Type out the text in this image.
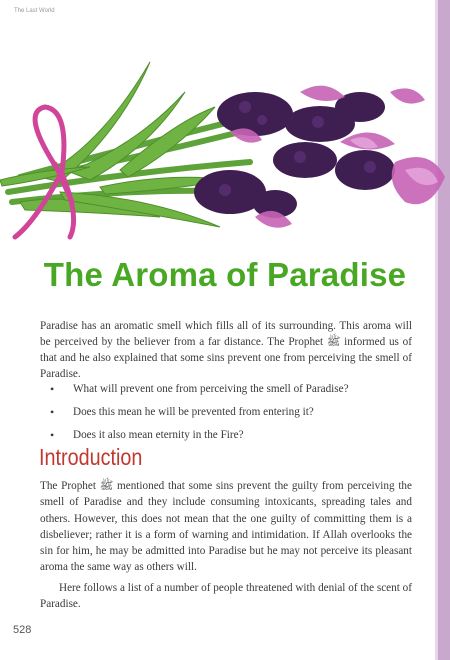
The Last World
The Aroma of Paradise

Paradise has an aromatic smell which fills all of its surrounding. This aroma will be perceived by the believer from a far distance. The Prophet ﷺ informed us of that and he also explained that some sins prevent one from perceiving the smell of Paradise.

• What will prevent one from perceiving the smell of Paradise?
• Does this mean he will be prevented from entering it?
• Does it also mean eternity in the Fire?
Introduction

The Prophet ﷺ mentioned that some sins prevent the guilty from perceiving the smell of Paradise and they include consuming intoxicants, spreading tales and others. However, this does not mean that the one guilty of committing them is a disbeliever; rather it is a form of warning and intimidation. If Allah overlooks the sin for him, he may be admitted into Paradise but he may not perceive its pleasant aroma the same way as others will.

Here follows a list of a number of people threatened with denial of the scent of Paradise.

528
